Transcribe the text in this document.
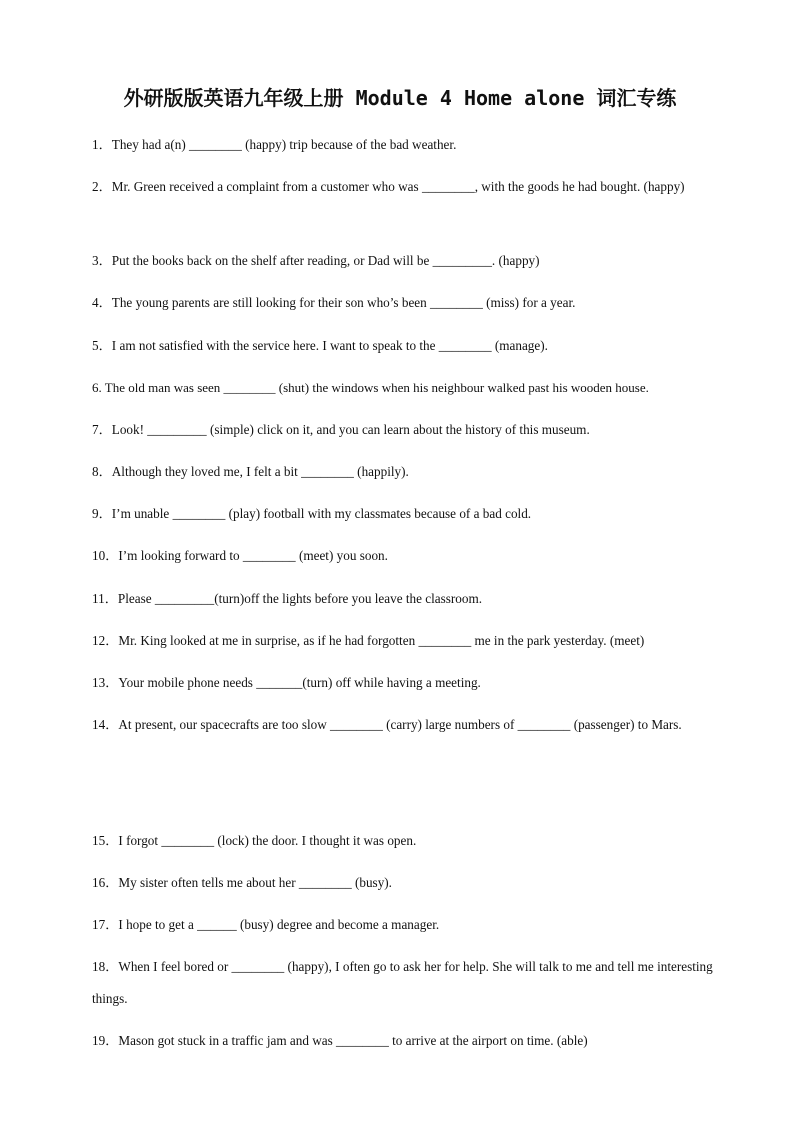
外研版版英语九年级上册 Module 4 Home alone 词汇专练
1．They had a(n) ________ (happy) trip because of the bad weather.
2．Mr. Green received a complaint from a customer who was ________, with the goods he had bought. (happy)
3．Put the books back on the shelf after reading, or Dad will be _________. (happy)
4．The young parents are still looking for their son who’s been ________ (miss) for a year.
5．I am not satisfied with the service here. I want to speak to the ________ (manage).
6. The old man was seen ________ (shut) the windows when his neighbour walked past his wooden house.
7．Look! _________ (simple) click on it, and you can learn about the history of this museum.
8．Although they loved me, I felt a bit ________ (happily).
9．I’m unable ________ (play) football with my classmates because of a bad cold.
10．I’m looking forward to ________ (meet) you soon.
11．Please _________(turn)off the lights before you leave the classroom.
12．Mr. King looked at me in surprise, as if he had forgotten ________ me in the park yesterday. (meet)
13．Your mobile phone needs _______(turn) off while having a meeting.
14．At present, our spacecrafts are too slow ________ (carry) large numbers of ________ (passenger) to Mars.
15．I forgot ________ (lock) the door. I thought it was open.
16．My sister often tells me about her ________ (busy).
17．I hope to get a ______ (busy) degree and become a manager.
18．When I feel bored or ________ (happy), I often go to ask her for help. She will talk to me and tell me interesting things.
19．Mason got stuck in a traffic jam and was ________ to arrive at the airport on time. (able)
